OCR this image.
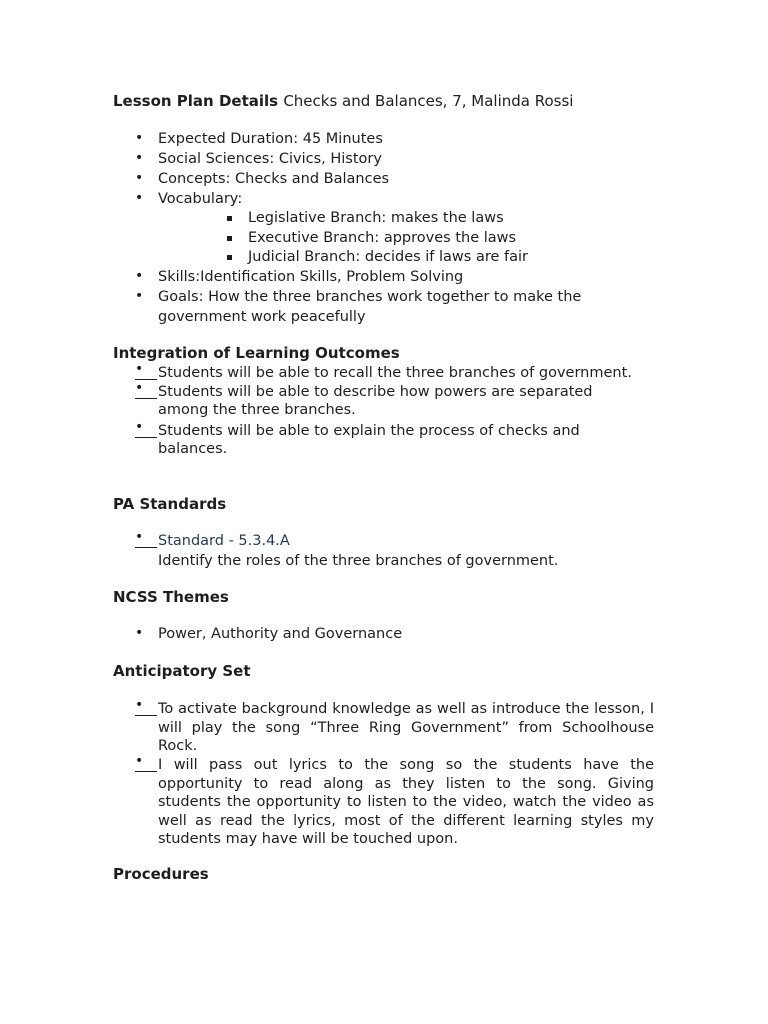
Lesson Plan Details Checks and Balances, 7, Malinda Rossi
• Expected Duration: 45 Minutes
• Social Sciences: Civics, History
• Concepts: Checks and Balances
• Vocabulary:
Legislative Branch: makes the laws
Executive Branch: approves the laws
Judicial Branch: decides if laws are fair
• Skills:Identification Skills, Problem Solving
• Goals: How the three branches work together to make the
government work peacefully
Integration of Learning Outcomes
• Students will be able to recall the three branches of government.
• Students will be able to describe how powers are separated
among the three branches.
• Students will be able to explain the process of checks and
balances.
PA Standards
• Standard - 5.3.4.A
Identify the roles of the three branches of government.
NCSS Themes
• Power, Authority and Governance
Anticipatory Set
• To activate background knowledge as well as introduce the lesson, I will play the song “Three Ring Government” from Schoolhouse Rock.
• I will pass out lyrics to the song so the students have the opportunity to read along as they listen to the song. Giving students the opportunity to listen to the video, watch the video as well as read the lyrics, most of the different learning styles my students may have will be touched upon.
Procedures
